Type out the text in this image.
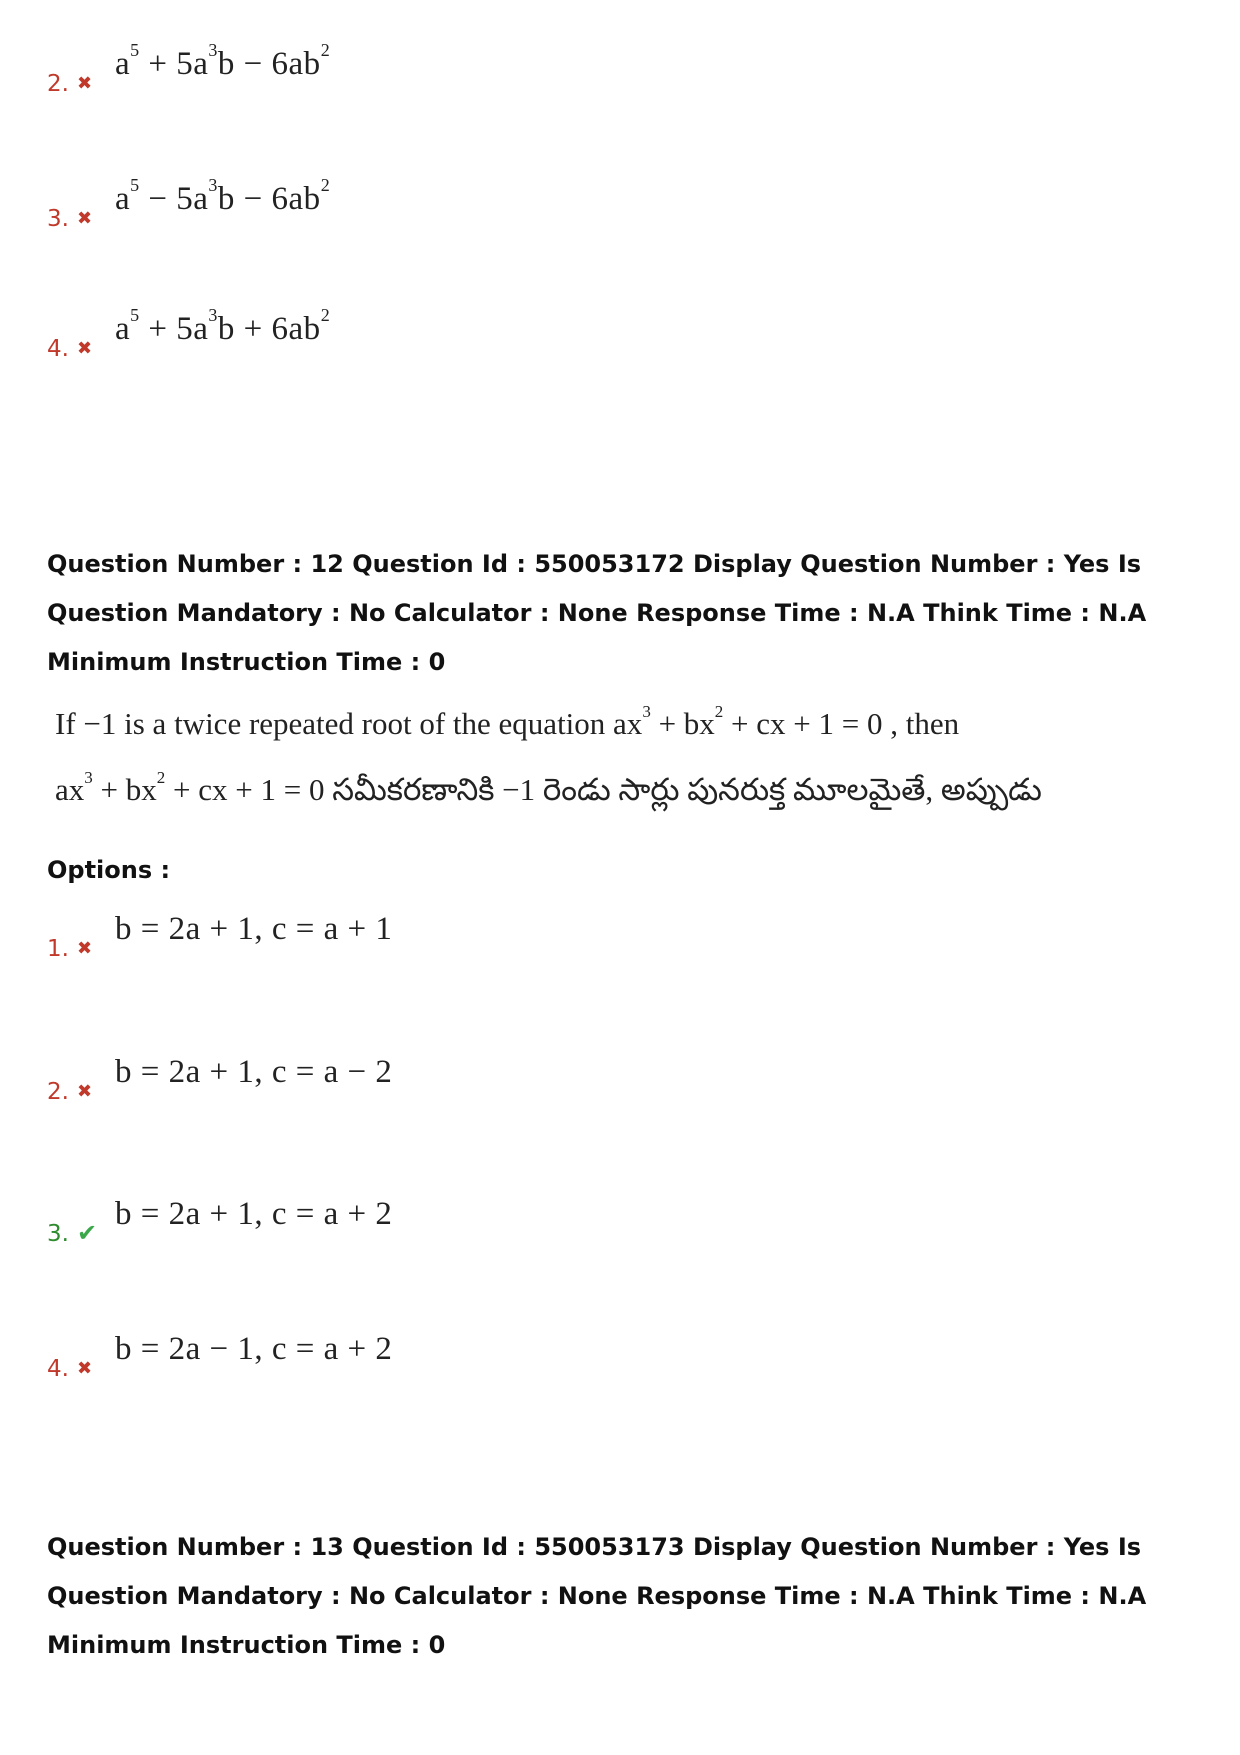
2. ✖
$a^5 + 5a^3b - 6ab^2$
3. ✖
$a^5 - 5a^3b - 6ab^2$
4. ✖
$a^5 + 5a^3b + 6ab^2$
Question Number : 12 Question Id : 550053172 Display Question Number : Yes Is Question Mandatory : No Calculator : None Response Time : N.A Think Time : N.A Minimum Instruction Time : 0
If −1 is a twice repeated root of the equation $ax^3 + bx^2$ + cx + 1 = 0 , then
$ax^3 + bx^2$ + cx + 1 = 0 సమీకరణానికి −1 రెండు సార్లు పునరుక్త మూలమైతే, అప్పుడు
Options :
1. ✖
b = 2a + 1, c = a + 1
2. ✖
b = 2a + 1, c = a − 2
3. ✔
b = 2a + 1, c = a + 2
4. ✖
b = 2a − 1, c = a + 2
Question Number : 13 Question Id : 550053173 Display Question Number : Yes Is Question Mandatory : No Calculator : None Response Time : N.A Think Time : N.A Minimum Instruction Time : 0
